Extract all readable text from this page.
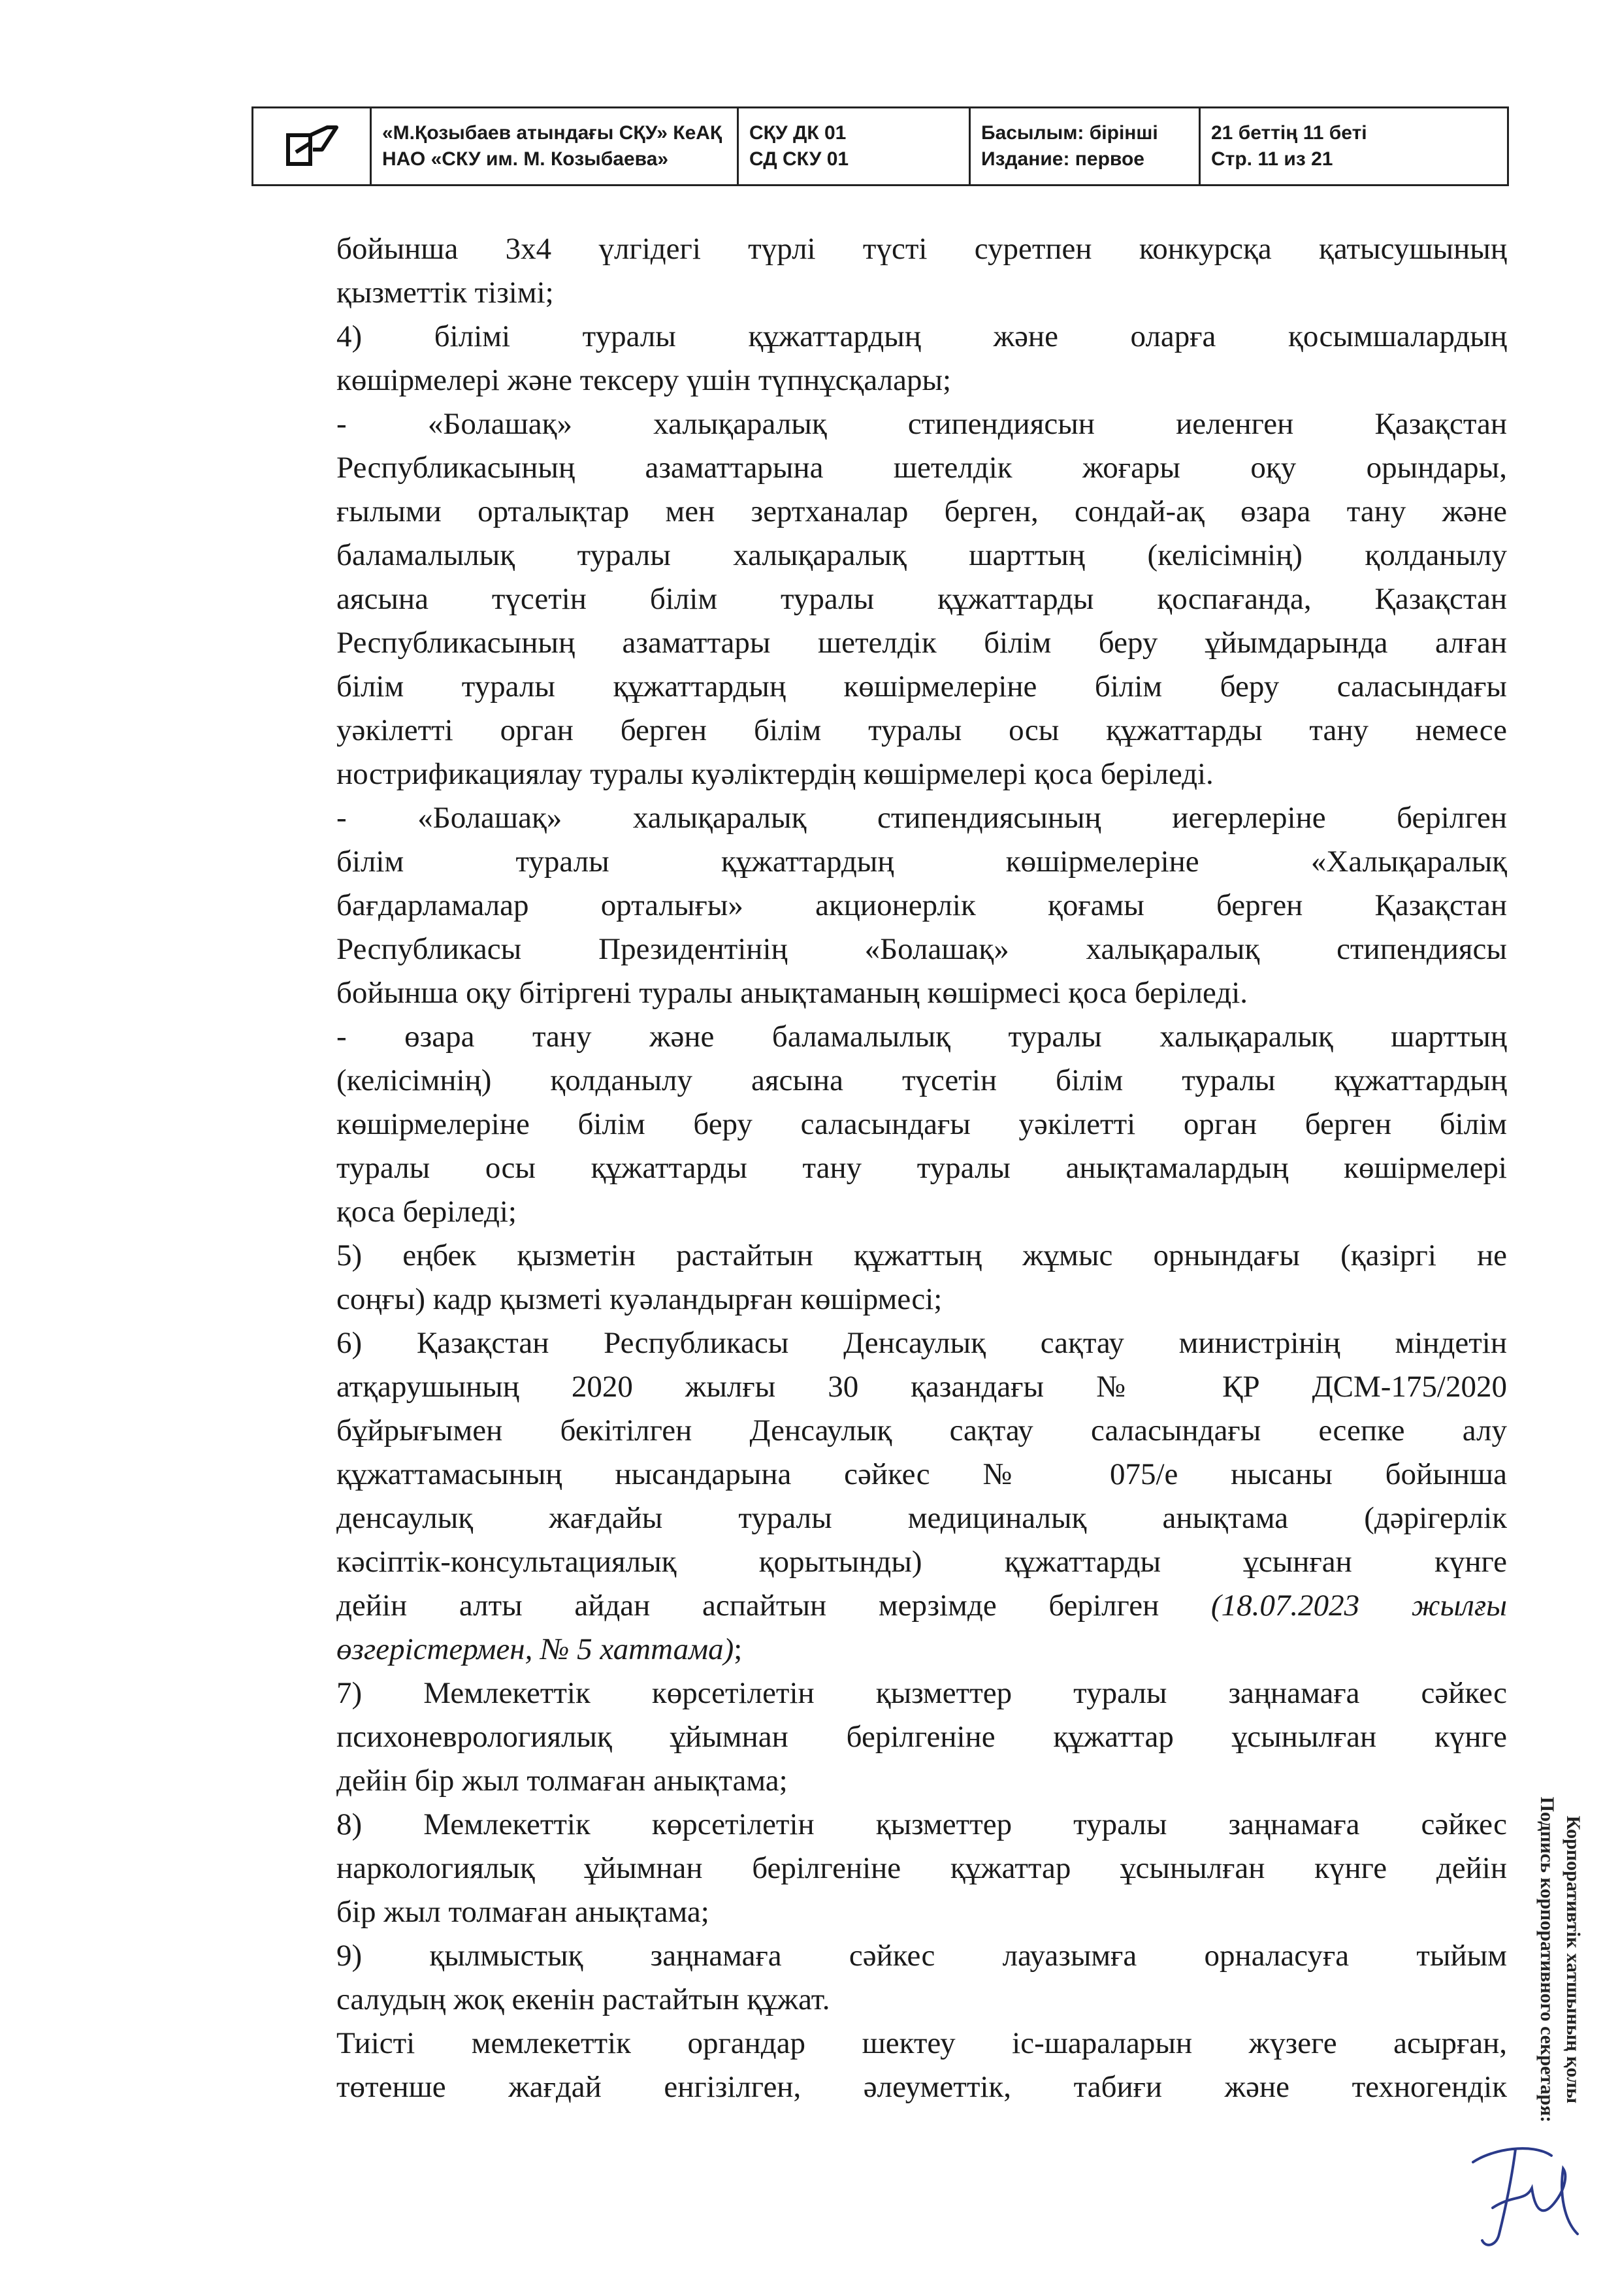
«М.Қозыбаев атындағы СҚУ» КеАҚ
НАО «СКУ им. М. Козыбаева»
СҚУ ДК 01
СД СКУ 01
Басылым: бірінші
Издание: первое
21 беттің 11 беті
Стр. 11 из 21
бойынша 3х4 үлгідегі түрлі түсті суретпен конкурсқа қатысушының
қызметтік тізімі;
4) білімі туралы құжаттардың және оларға қосымшалардың
көшірмелері және тексеру үшін түпнұсқалары;
- «Болашақ» халықаралық стипендиясын иеленген Қазақстан
Республикасының азаматтарына шетелдік жоғары оқу орындары,
ғылыми орталықтар мен зертханалар берген, сондай-ақ өзара тану және
баламалылық туралы халықаралық шарттың (келісімнің) қолданылу
аясына түсетін білім туралы құжаттарды қоспағанда, Қазақстан
Республикасының азаматтары шетелдік білім беру ұйымдарында алған
білім туралы құжаттардың көшірмелеріне білім беру саласындағы
уәкілетті орган берген білім туралы осы құжаттарды тану немесе
нострификациялау туралы куәліктердің көшірмелері қоса беріледі.
- «Болашақ» халықаралық стипендиясының иегерлеріне берілген
білім туралы құжаттардың көшірмелеріне «Халықаралық
бағдарламалар орталығы» акционерлік қоғамы берген Қазақстан
Республикасы Президентінің «Болашақ» халықаралық стипендиясы
бойынша оқу бітіргені туралы анықтаманың көшірмесі қоса беріледі.
- өзара тану және баламалылық туралы халықаралық шарттың
(келісімнің) қолданылу аясына түсетін білім туралы құжаттардың
көшірмелеріне білім беру саласындағы уәкілетті орган берген білім
туралы осы құжаттарды тану туралы анықтамалардың көшірмелері
қоса беріледі;
5) еңбек қызметін растайтын құжаттың жұмыс орнындағы (қазіргі не
соңғы) кадр қызметі куәландырған көшірмесі;
6) Қазақстан Республикасы Денсаулық сақтау министрінің міндетін
атқарушының 2020 жылғы 30 қазандағы № ҚР ДСМ-175/2020
бұйрығымен бекітілген Денсаулық сақтау саласындағы есепке алу
құжаттамасының нысандарына сәйкес № 075/е нысаны бойынша
денсаулық жағдайы туралы медициналық анықтама (дәрігерлік
кәсіптік-консультациялық қорытынды) құжаттарды ұсынған күнге
дейін алты айдан аспайтын мерзімде берілген (18.07.2023 жылғы
өзгерістермен, № 5 хаттама);
7) Мемлекеттік көрсетілетін қызметтер туралы заңнамаға сәйкес
психоневрологиялық ұйымнан берілгеніне құжаттар ұсынылған күнге
дейін бір жыл толмаған анықтама;
8) Мемлекеттік көрсетілетін қызметтер туралы заңнамаға сәйкес
наркологиялық ұйымнан берілгеніне құжаттар ұсынылған күнге дейін
бір жыл толмаған анықтама;
9) қылмыстық заңнамаға сәйкес лауазымға орналасуға тыйым
салудың жоқ екенін растайтын құжат.
Тиісті мемлекеттік органдар шектеу іс-шараларын жүзеге асырған,
төтенше жағдай енгізілген, әлеуметтік, табиғи және техногендік	Корпоративтік хатшының қолы
Подпись корпоративного секретаря:
